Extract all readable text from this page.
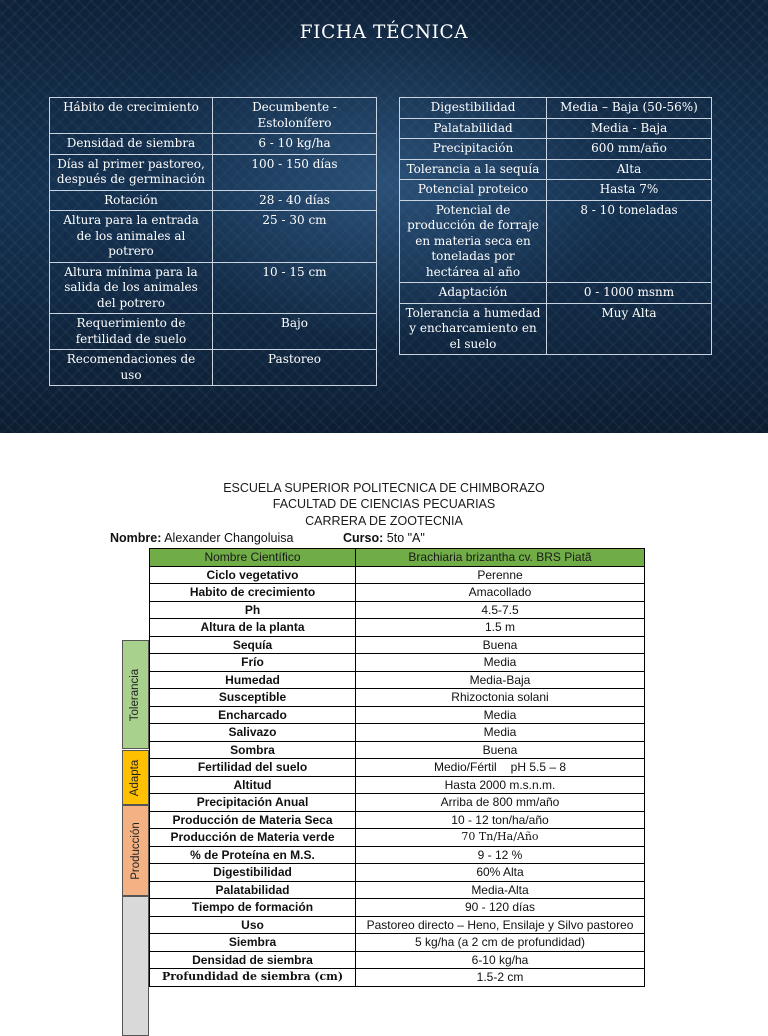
FICHA TÉCNICA
Hábito de crecimiento	Decumbente - Estolonífero
Densidad de siembra	6 - 10 kg/ha
Días al primer pastoreo, después de germinación	100 - 150 días
Rotación	28 - 40 días
Altura para la entrada de los animales al potrero	25 - 30 cm
Altura mínima para la salida de los animales del potrero	10 - 15 cm
Requerimiento de fertilidad de suelo	Bajo
Recomendaciones de uso	Pastoreo
Digestibilidad	Media – Baja (50-56%)
Palatabilidad	Media - Baja
Precipitación	600 mm/año
Tolerancia a la sequía	Alta
Potencial proteico	Hasta 7%
Potencial de producción de forraje en materia seca en toneladas por hectárea al año	8 - 10 toneladas
Adaptación	0 - 1000 msnm
Tolerancia a humedad y encharcamiento en el suelo	Muy Alta
ESCUELA SUPERIOR POLITECNICA DE CHIMBORAZO
FACULTAD DE CIENCIAS PECUARIAS
CARRERA DE ZOOTECNIA
Nombre: Alexander Changoluisa	Curso: 5to "A"
Tolerancia
Adapta
Producción
Nombre Científico	Brachiaria brizantha cv. BRS Piatã
Ciclo vegetativo	Perenne
Habito de crecimiento	Amacollado
Ph	4.5-7.5
Altura de la planta	1.5 m
Sequía	Buena
Frío	Media
Humedad	Media-Baja
Susceptible	Rhizoctonia solani
Encharcado	Media
Salivazo	Media
Sombra	Buena
Fertilidad del suelo	Medio/Fértil pH 5.5 – 8
Altitud	Hasta 2000 m.s.n.m.
Precipitación Anual	Arriba de 800 mm/año
Producción de Materia Seca	10 - 12 ton/ha/año
Producción de Materia verde	70 Tn/Ha/Año
% de Proteína en M.S.	9 - 12 %
Digestibilidad	60% Alta
Palatabilidad	Media-Alta
Tiempo de formación	90 - 120 días
Uso	Pastoreo directo – Heno, Ensilaje y Silvo pastoreo
Siembra	5 kg/ha (a 2 cm de profundidad)
Densidad de siembra	6-10 kg/ha
Profundidad de siembra (cm)	1.5-2 cm
